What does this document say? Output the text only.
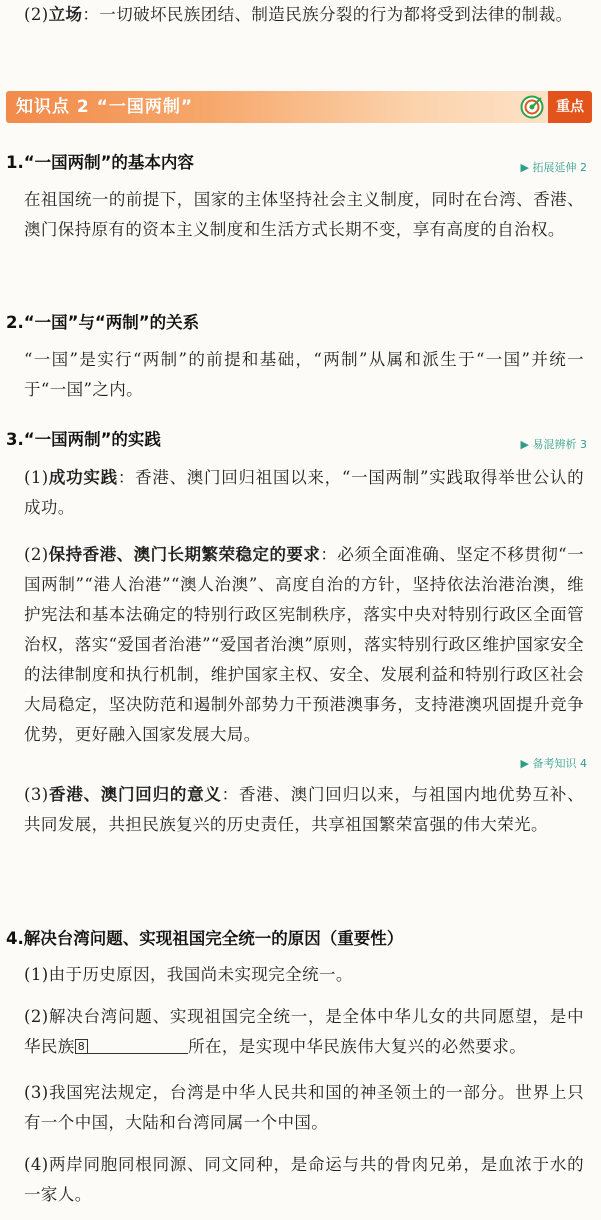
(2)立场：一切破坏民族团结、制造民族分裂的行为都将受到法律的制裁。
知识点 2 “一国两制”	重点
1.“一国两制”的基本内容	▶ 拓展延伸 2
在祖国统一的前提下，国家的主体坚持社会主义制度，同时在台湾、香港、澳门保持原有的资本主义制度和生活方式长期不变，享有高度的自治权。
2.“一国”与“两制”的关系
“一国”是实行“两制”的前提和基础，“两制”从属和派生于“一国”并统一于“一国”之内。
3.“一国两制”的实践	▶ 易混辨析 3
(1)成功实践：香港、澳门回归祖国以来，“一国两制”实践取得举世公认的成功。
(2)保持香港、澳门长期繁荣稳定的要求：必须全面准确、坚定不移贯彻“一国两制”“港人治港”“澳人治澳”、高度自治的方针，坚持依法治港治澳，维护宪法和基本法确定的特别行政区宪制秩序，落实中央对特别行政区全面管治权，落实“爱国者治港”“爱国者治澳”原则，落实特别行政区维护国家安全的法律制度和执行机制，维护国家主权、安全、发展利益和特别行政区社会大局稳定，坚决防范和遏制外部势力干预港澳事务，支持港澳巩固提升竞争优势，更好融入国家发展大局。
▶ 备考知识 4
(3)香港、澳门回归的意义：香港、澳门回归以来，与祖国内地优势互补、共同发展，共担民族复兴的历史责任，共享祖国繁荣富强的伟大荣光。
4.解决台湾问题、实现祖国完全统一的原因（重要性）
(1)由于历史原因，我国尚未实现完全统一。
(2)解决台湾问题、实现祖国完全统一，是全体中华儿女的共同愿望，是中华民族 8	所在，是实现中华民族伟大复兴的必然要求。
(3)我国宪法规定，台湾是中华人民共和国的神圣领土的一部分。世界上只有一个中国，大陆和台湾同属一个中国。
(4)两岸同胞同根同源、同文同种，是命运与共的骨肉兄弟，是血浓于水的一家人。
